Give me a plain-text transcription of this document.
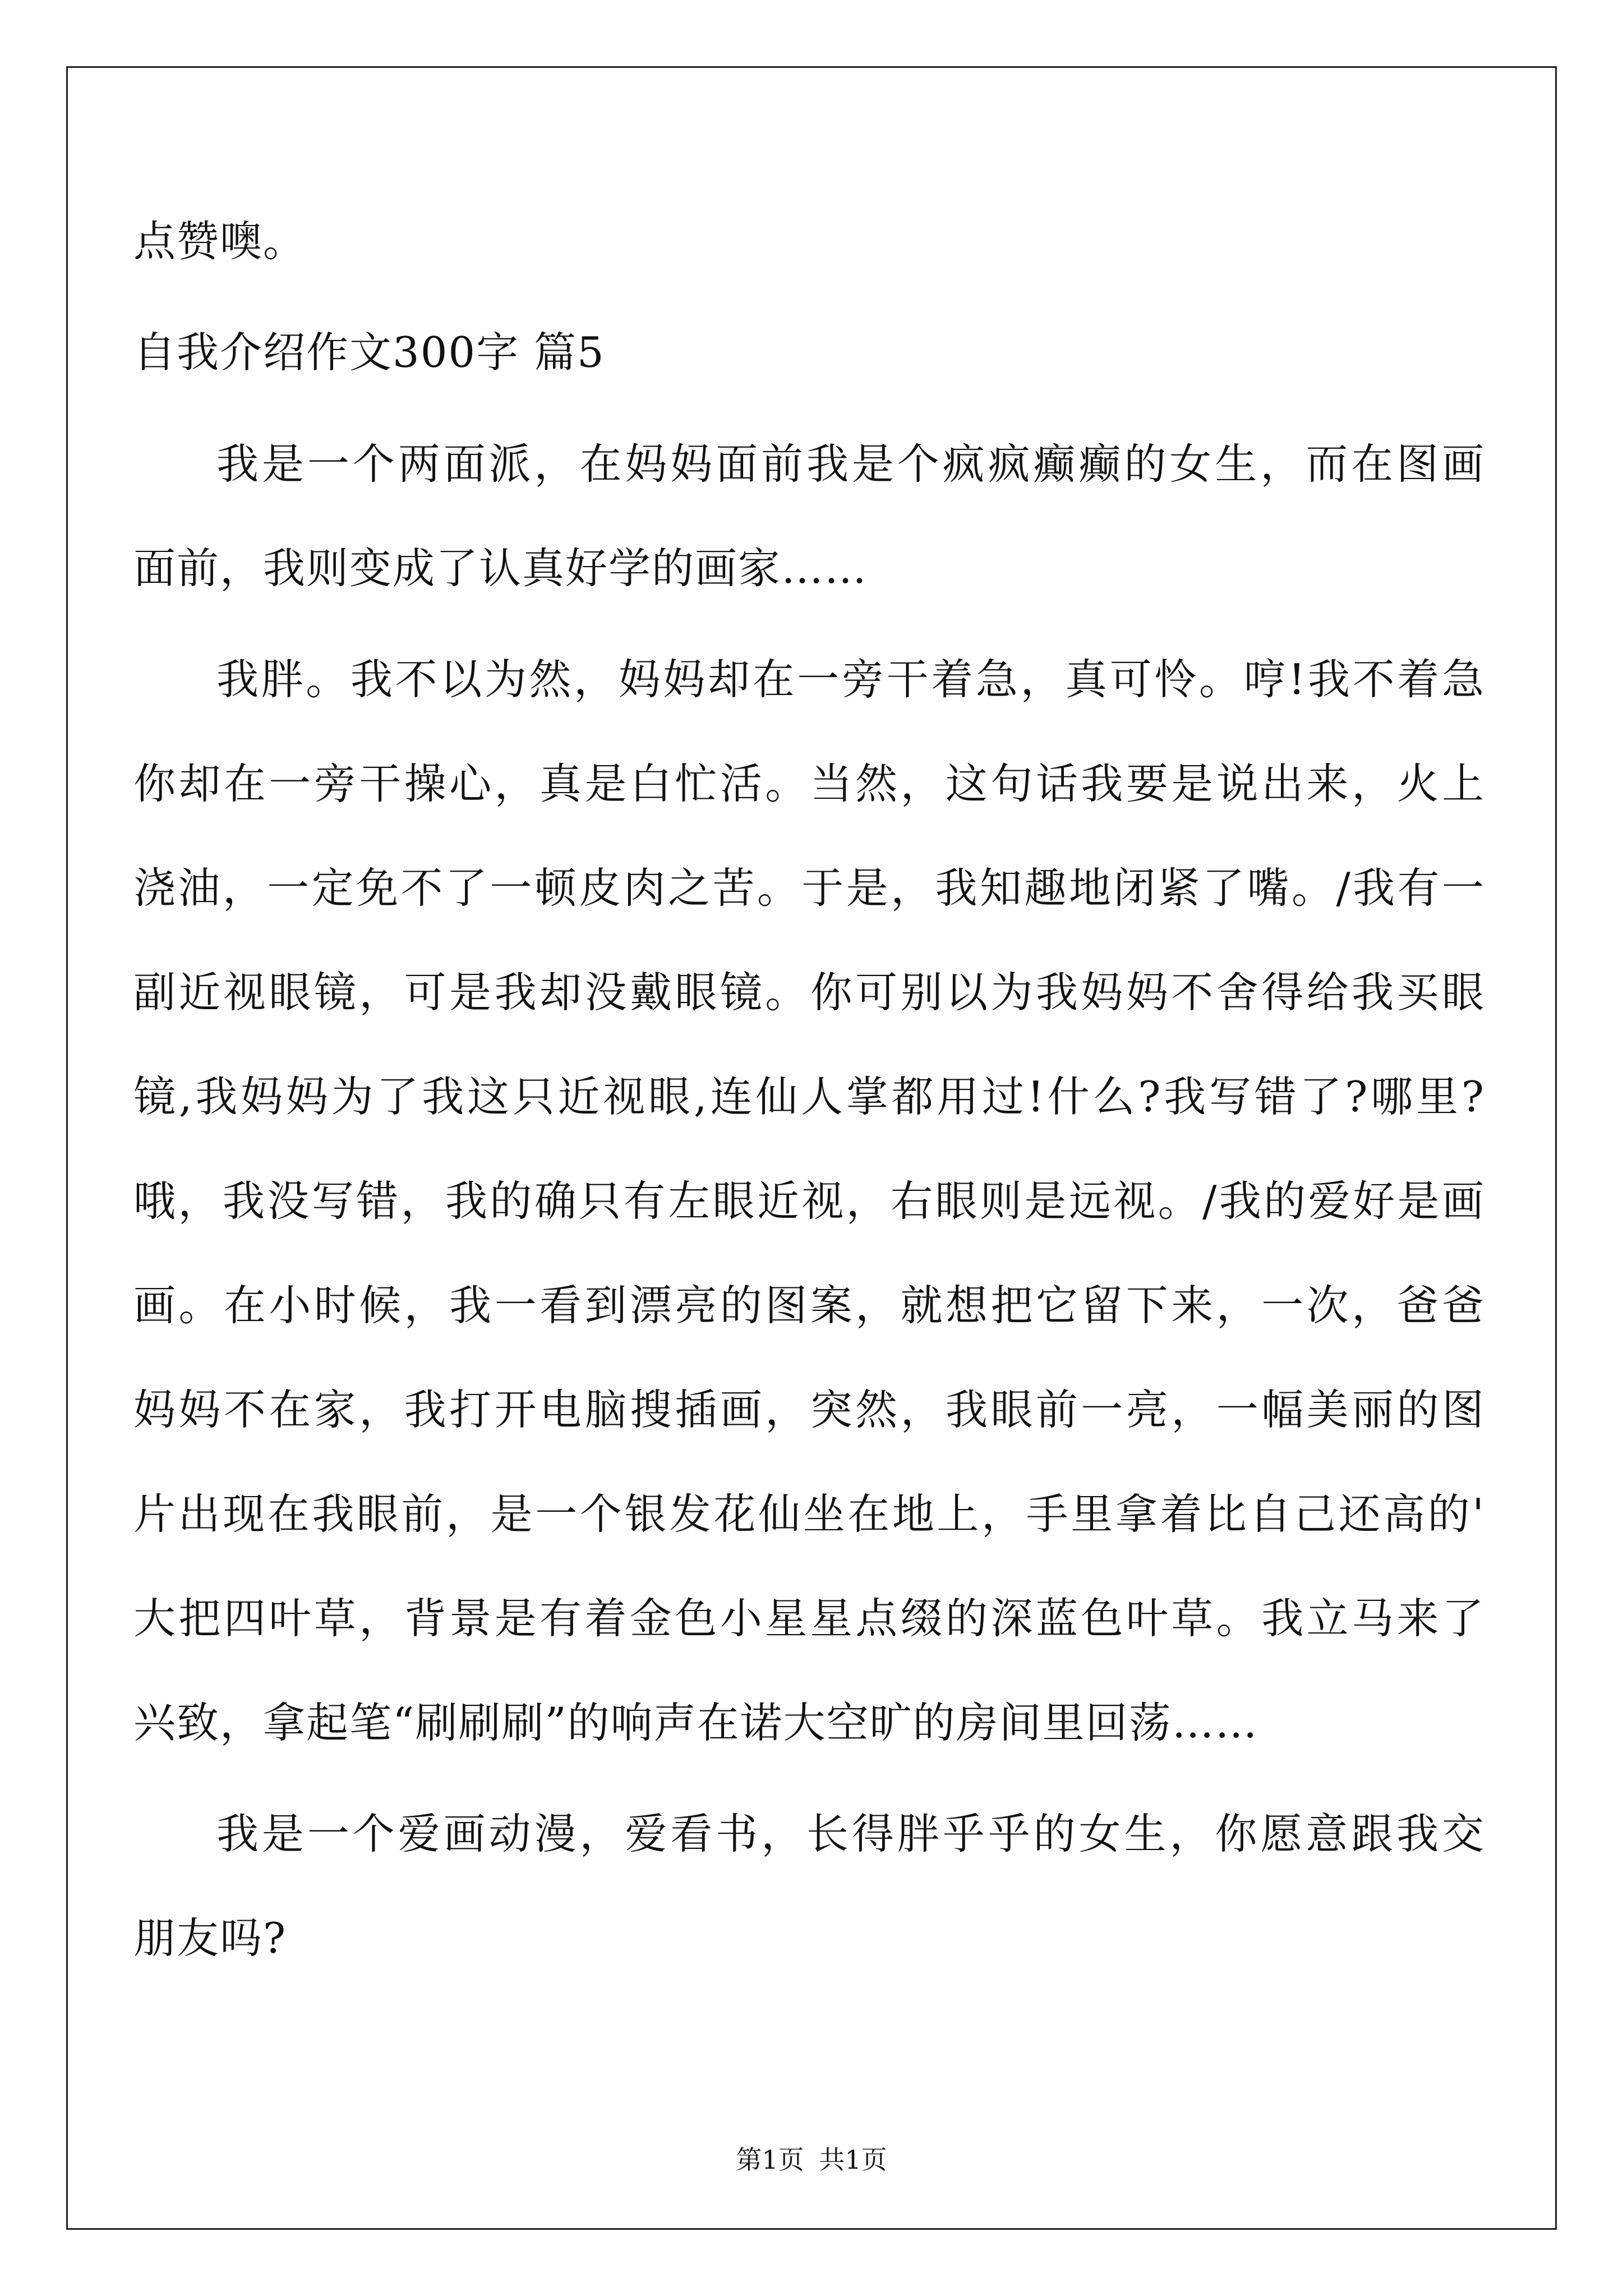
点赞噢。
自我介绍作文300字 篇5
我是一个两面派，在妈妈面前我是个疯疯癫癫的女生，而在图画
面前，我则变成了认真好学的画家……
我胖。我不以为然，妈妈却在一旁干着急，真可怜。哼!我不着急
你却在一旁干操心，真是白忙活。当然，这句话我要是说出来，火上
浇油，一定免不了一顿皮肉之苦。于是，我知趣地闭紧了嘴。/我有一
副近视眼镜，可是我却没戴眼镜。你可别以为我妈妈不舍得给我买眼
镜,我妈妈为了我这只近视眼,连仙人掌都用过!什么?我写错了?哪里?
哦，我没写错，我的确只有左眼近视，右眼则是远视。/我的爱好是画
画。在小时候，我一看到漂亮的图案，就想把它留下来，一次，爸爸
妈妈不在家，我打开电脑搜插画，突然，我眼前一亮，一幅美丽的图
片出现在我眼前，是一个银发花仙坐在地上，手里拿着比自己还高的'
大把四叶草，背景是有着金色小星星点缀的深蓝色叶草。我立马来了
兴致，拿起笔“刷刷刷”的响声在诺大空旷的房间里回荡……
我是一个爱画动漫，爱看书，长得胖乎乎的女生，你愿意跟我交
朋友吗?
第1页 共1页
